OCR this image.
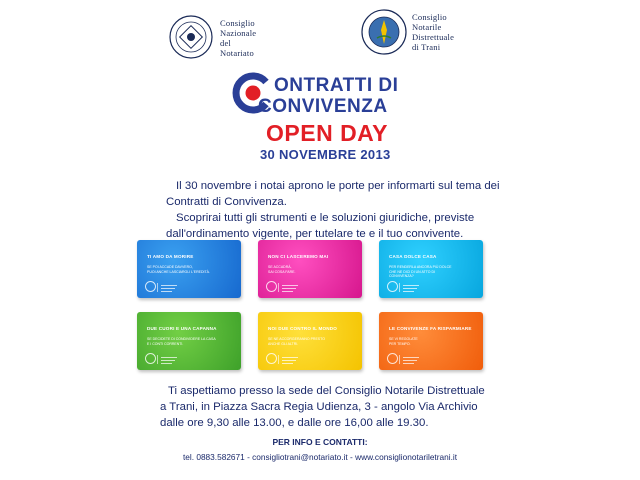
Consiglio
Nazionale
del
Notariato
Consiglio
Notarile
Distrettuale
di Trani
ONTRATTI DI
CONVIVENZA
OPEN DAY
30 NOVEMBRE 2013

Il 30 novembre i notai aprono le porte per informarti sul tema dei Contratti di Convivenza.

Scoprirai tutti gli strumenti e le soluzioni giuridiche, previste dall'ordinamento vigente, per tutelare te e il tuo convivente.

TI AMO DA MORIRE
SE POI ACCADE DAVVERO,
PUOI ANCHE LASCIARGLI L'EREDITÀ.
NON CI LASCEREMO MAI
SE ACCADRÀ,
SAI COSA FARE.
CASA DOLCE CASA
PER RENDERLA ANCORA PIÙ DOLCE
CHE NE DICI DI UN ATTO DI
CONVIVENZA?
DUE CUORI E UNA CAPANNA
SE DECIDETE DI CONDIVIDERE LA CASA
E I CONTI CORRENTI.
NOI DUE CONTRO IL MONDO
SE NE ACCORGERANNO PRESTO
ANCHE GLI ALTRI.
LE CONVIVENZE FA RISPARMIARE
SE VI REGOLATE
PER TEMPO.

Ti aspettiamo presso la sede del Consiglio Notarile Distrettuale

a Trani, in Piazza Sacra Regia Udienza, 3 - angolo Via Archivio

dalle ore 9,30 alle 13.00, e dalle ore 16,00 alle 19.30.

PER INFO E CONTATTI:
tel. 0883.582671 - consigliotrani@notariato.it - www.consiglionotariletrani.it
